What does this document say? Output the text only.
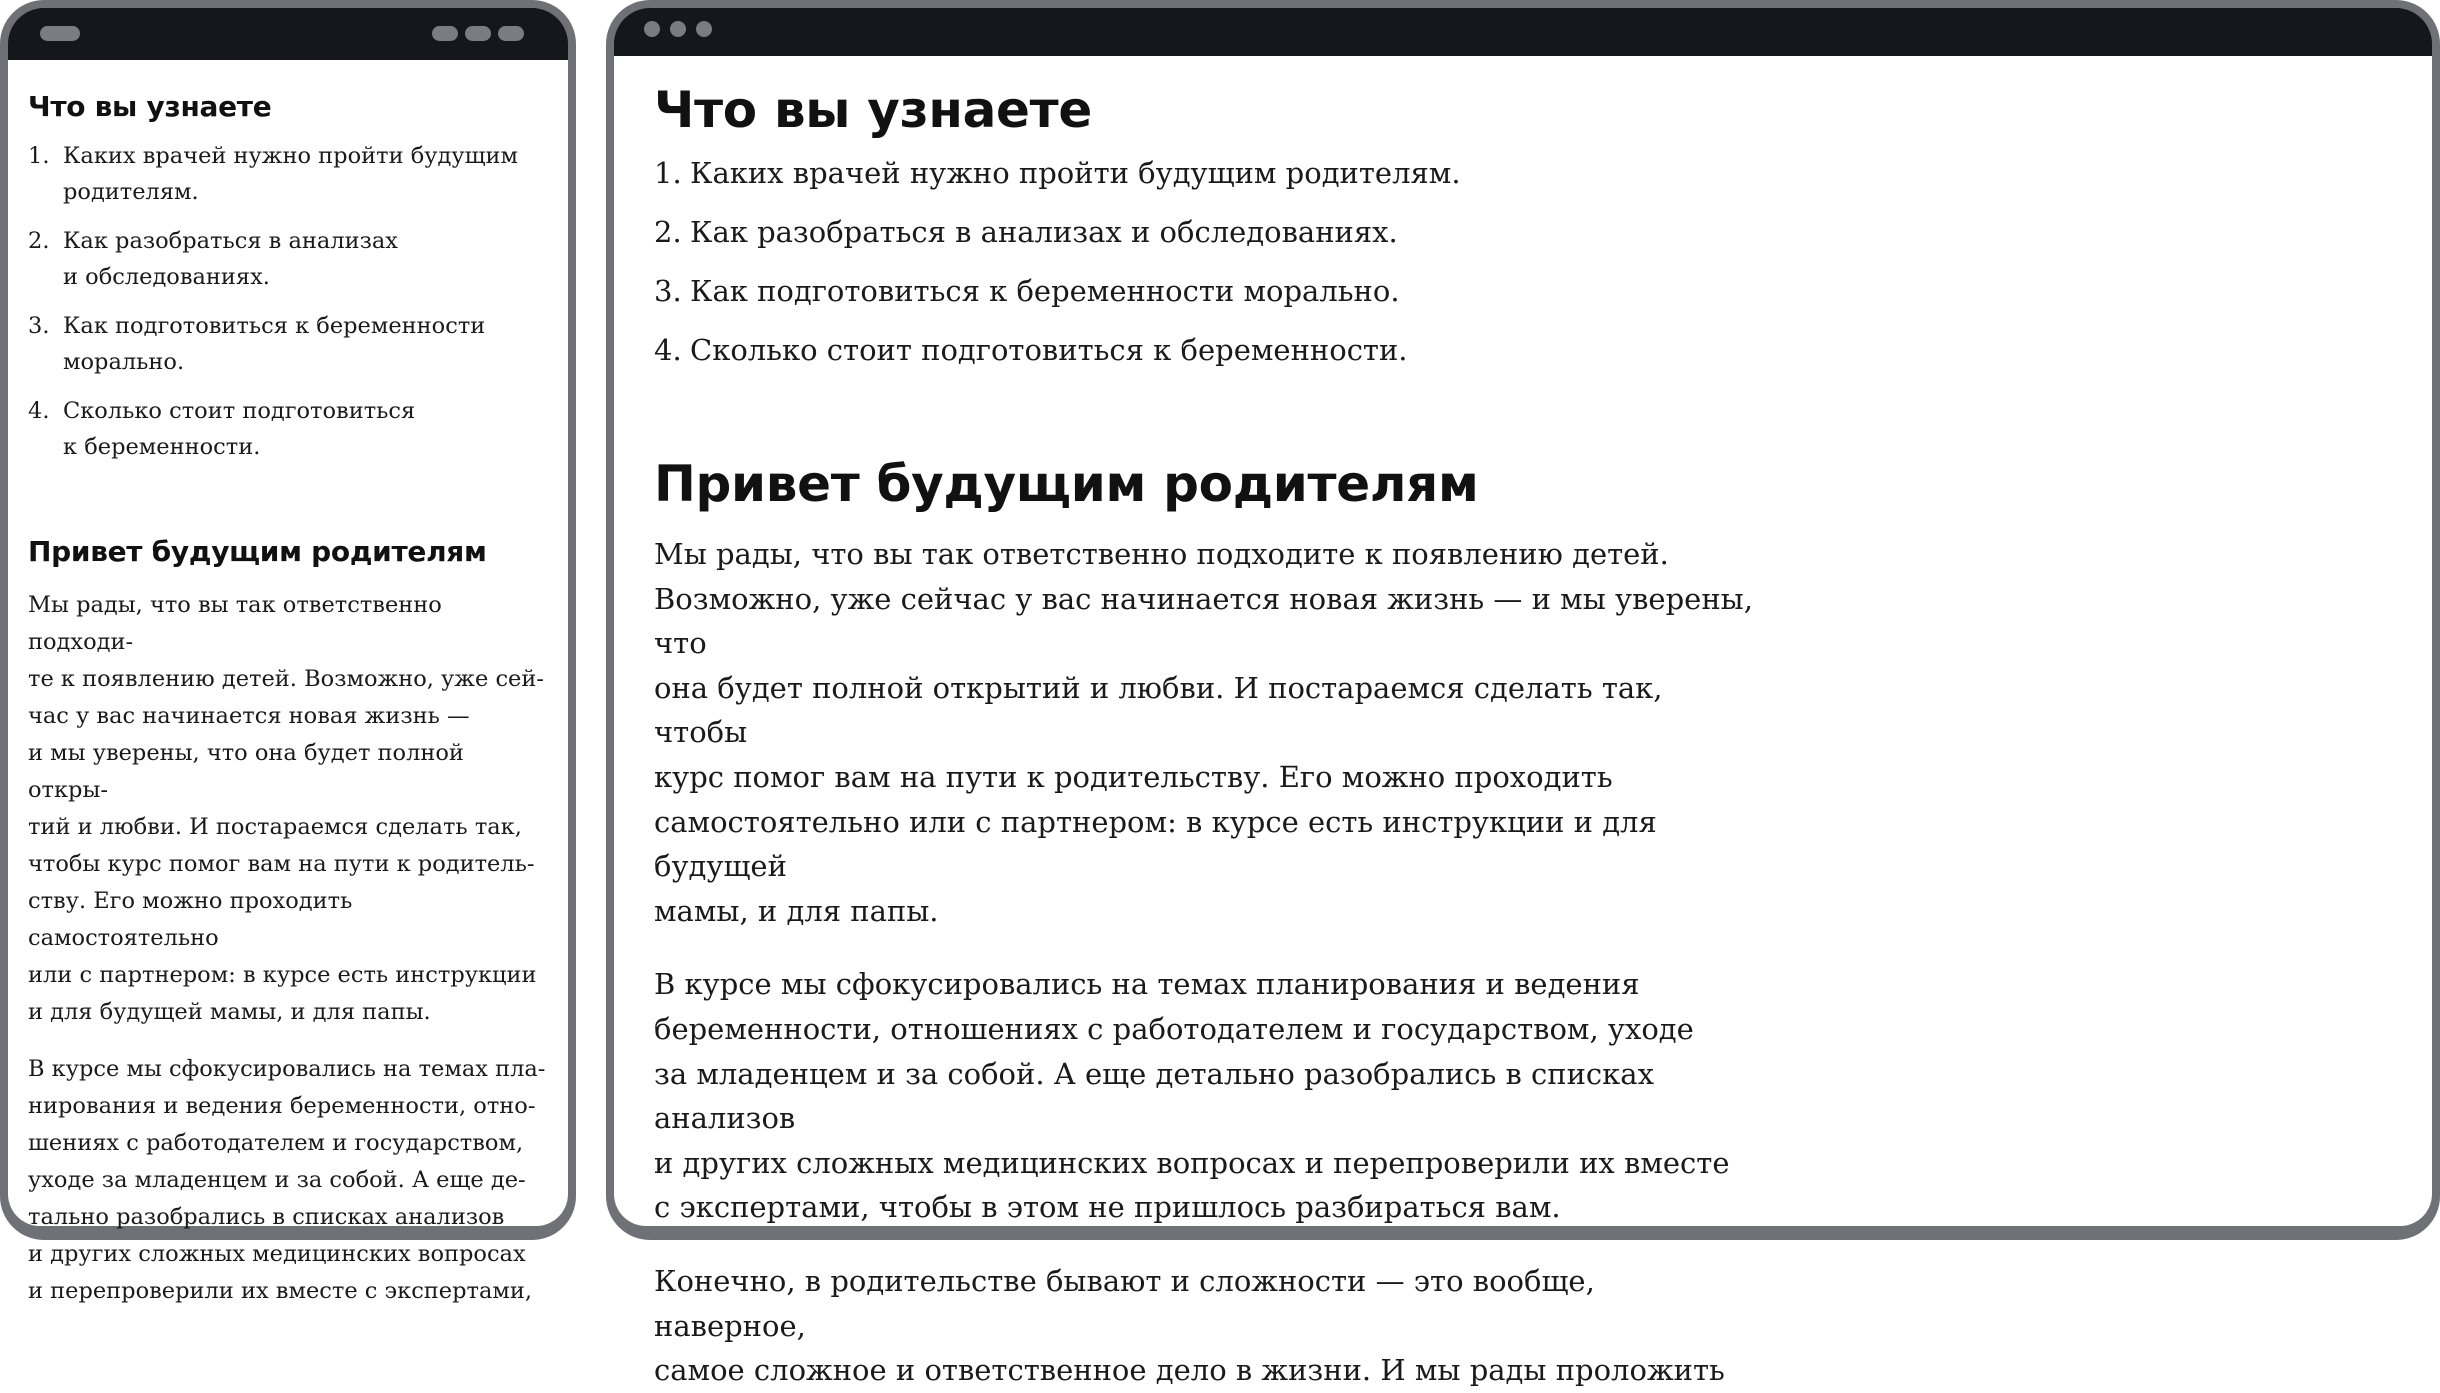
Что вы узнаете
1. Каких врачей нужно пройти будущим
родителям.
2. Как разобраться в анализах
и обследованиях.
3. Как подготовиться к беременности
морально.
4. Сколько стоит подготовиться
к беременности.
Привет будущим родителям

Мы рады, что вы так ответственно подходи-
те к появлению детей. Возможно, уже сей-
час у вас начинается новая жизнь —
и мы уверены, что она будет полной откры-
тий и любви. И постараемся сделать так,
чтобы курс помог вам на пути к родитель-
ству. Его можно проходить самостоятельно
или с партнером: в курсе есть инструкции
и для будущей мамы, и для папы.

В курсе мы сфокусировались на темах пла-
нирования и ведения беременности, отно-
шениях с работодателем и государством,
уходе за младенцем и за собой. А еще де-
тально разобрались в списках анализов
и других сложных медицинских вопросах
и перепроверили их вместе с экспертами,

Что вы узнаете
1. Каких врачей нужно пройти будущим родителям.
2. Как разобраться в анализах и обследованиях.
3. Как подготовиться к беременности морально.
4. Сколько стоит подготовиться к беременности.
Привет будущим родителям

Мы рады, что вы так ответственно подходите к появлению детей.
Возможно, уже сейчас у вас начинается новая жизнь — и мы уверены, что
она будет полной открытий и любви. И постараемся сделать так, чтобы
курс помог вам на пути к родительству. Его можно проходить
самостоятельно или с партнером: в курсе есть инструкции и для будущей
мамы, и для папы.

В курсе мы сфокусировались на темах планирования и ведения
беременности, отношениях с работодателем и государством, уходе
за младенцем и за собой. А еще детально разобрались в списках анализов
и других сложных медицинских вопросах и перепроверили их вместе
с экспертами, чтобы в этом не пришлось разбираться вам.

Конечно, в родительстве бывают и сложности — это вообще, наверное,
самое сложное и ответственное дело в жизни. И мы рады проложить
